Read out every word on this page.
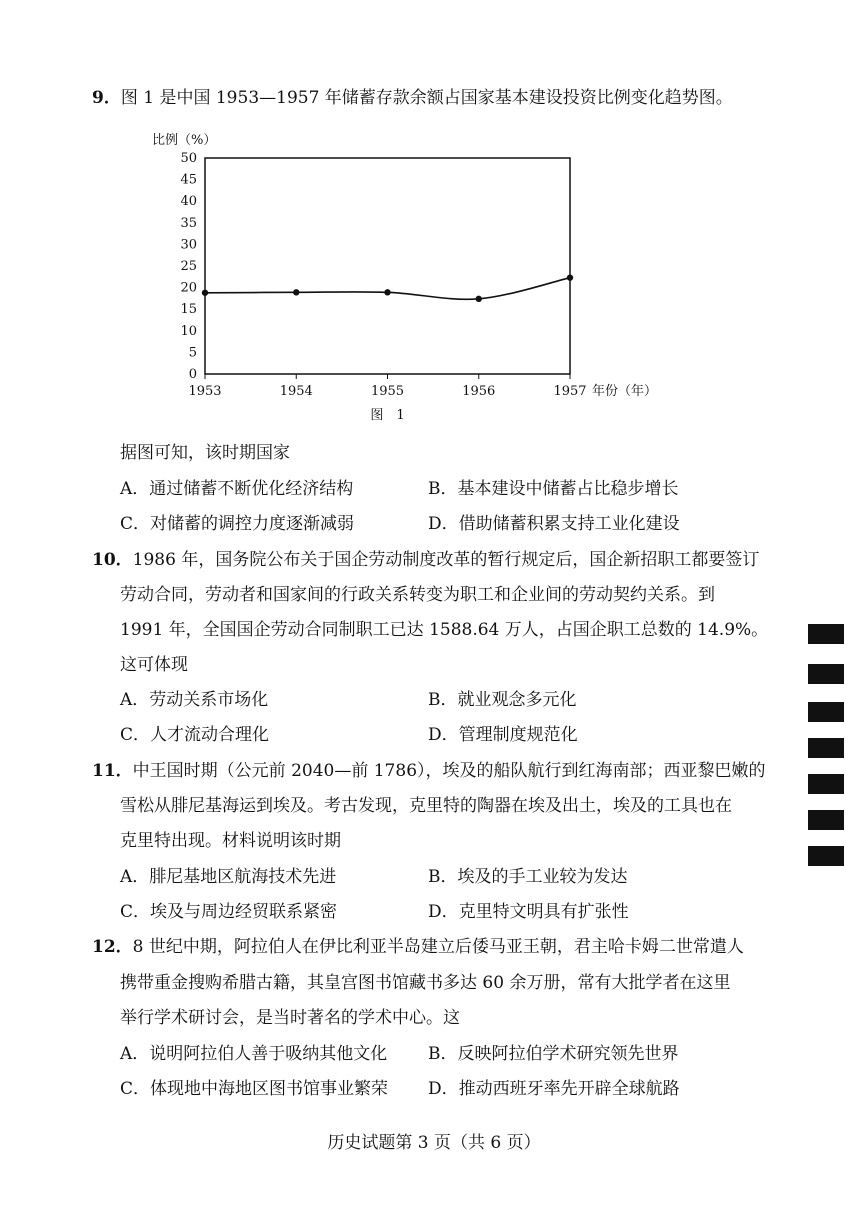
9．图 1 是中国 1953—1957 年储蓄存款余额占国家基本建设投资比例变化趋势图。
比例（%）
0
5
10
15
20
25
30
35
40
45
50
1953	1954	1955	1956	1957 年份（年）
图　1
据图可知，该时期国家
A．通过储蓄不断优化经济结构	B．基本建设中储蓄占比稳步增长
C．对储蓄的调控力度逐渐减弱	D．借助储蓄积累支持工业化建设
10．1986 年，国务院公布关于国企劳动制度改革的暂行规定后，国企新招职工都要签订
劳动合同，劳动者和国家间的行政关系转变为职工和企业间的劳动契约关系。到
1991 年，全国国企劳动合同制职工已达 1588.64 万人，占国企职工总数的 14.9%。
这可体现
A．劳动关系市场化	B．就业观念多元化
C．人才流动合理化	D．管理制度规范化
11．中王国时期（公元前 2040—前 1786），埃及的船队航行到红海南部；西亚黎巴嫩的
雪松从腓尼基海运到埃及。考古发现，克里特的陶器在埃及出土，埃及的工具也在
克里特出现。材料说明该时期
A．腓尼基地区航海技术先进	B．埃及的手工业较为发达
C．埃及与周边经贸联系紧密	D．克里特文明具有扩张性
12．8 世纪中期，阿拉伯人在伊比利亚半岛建立后倭马亚王朝，君主哈卡姆二世常遣人
携带重金搜购希腊古籍，其皇宫图书馆藏书多达 60 余万册，常有大批学者在这里
举行学术研讨会，是当时著名的学术中心。这
A．说明阿拉伯人善于吸纳其他文化 B．反映阿拉伯学术研究领先世界
C．体现地中海地区图书馆事业繁荣 D．推动西班牙率先开辟全球航路
历史试题第 3 页（共 6 页）
